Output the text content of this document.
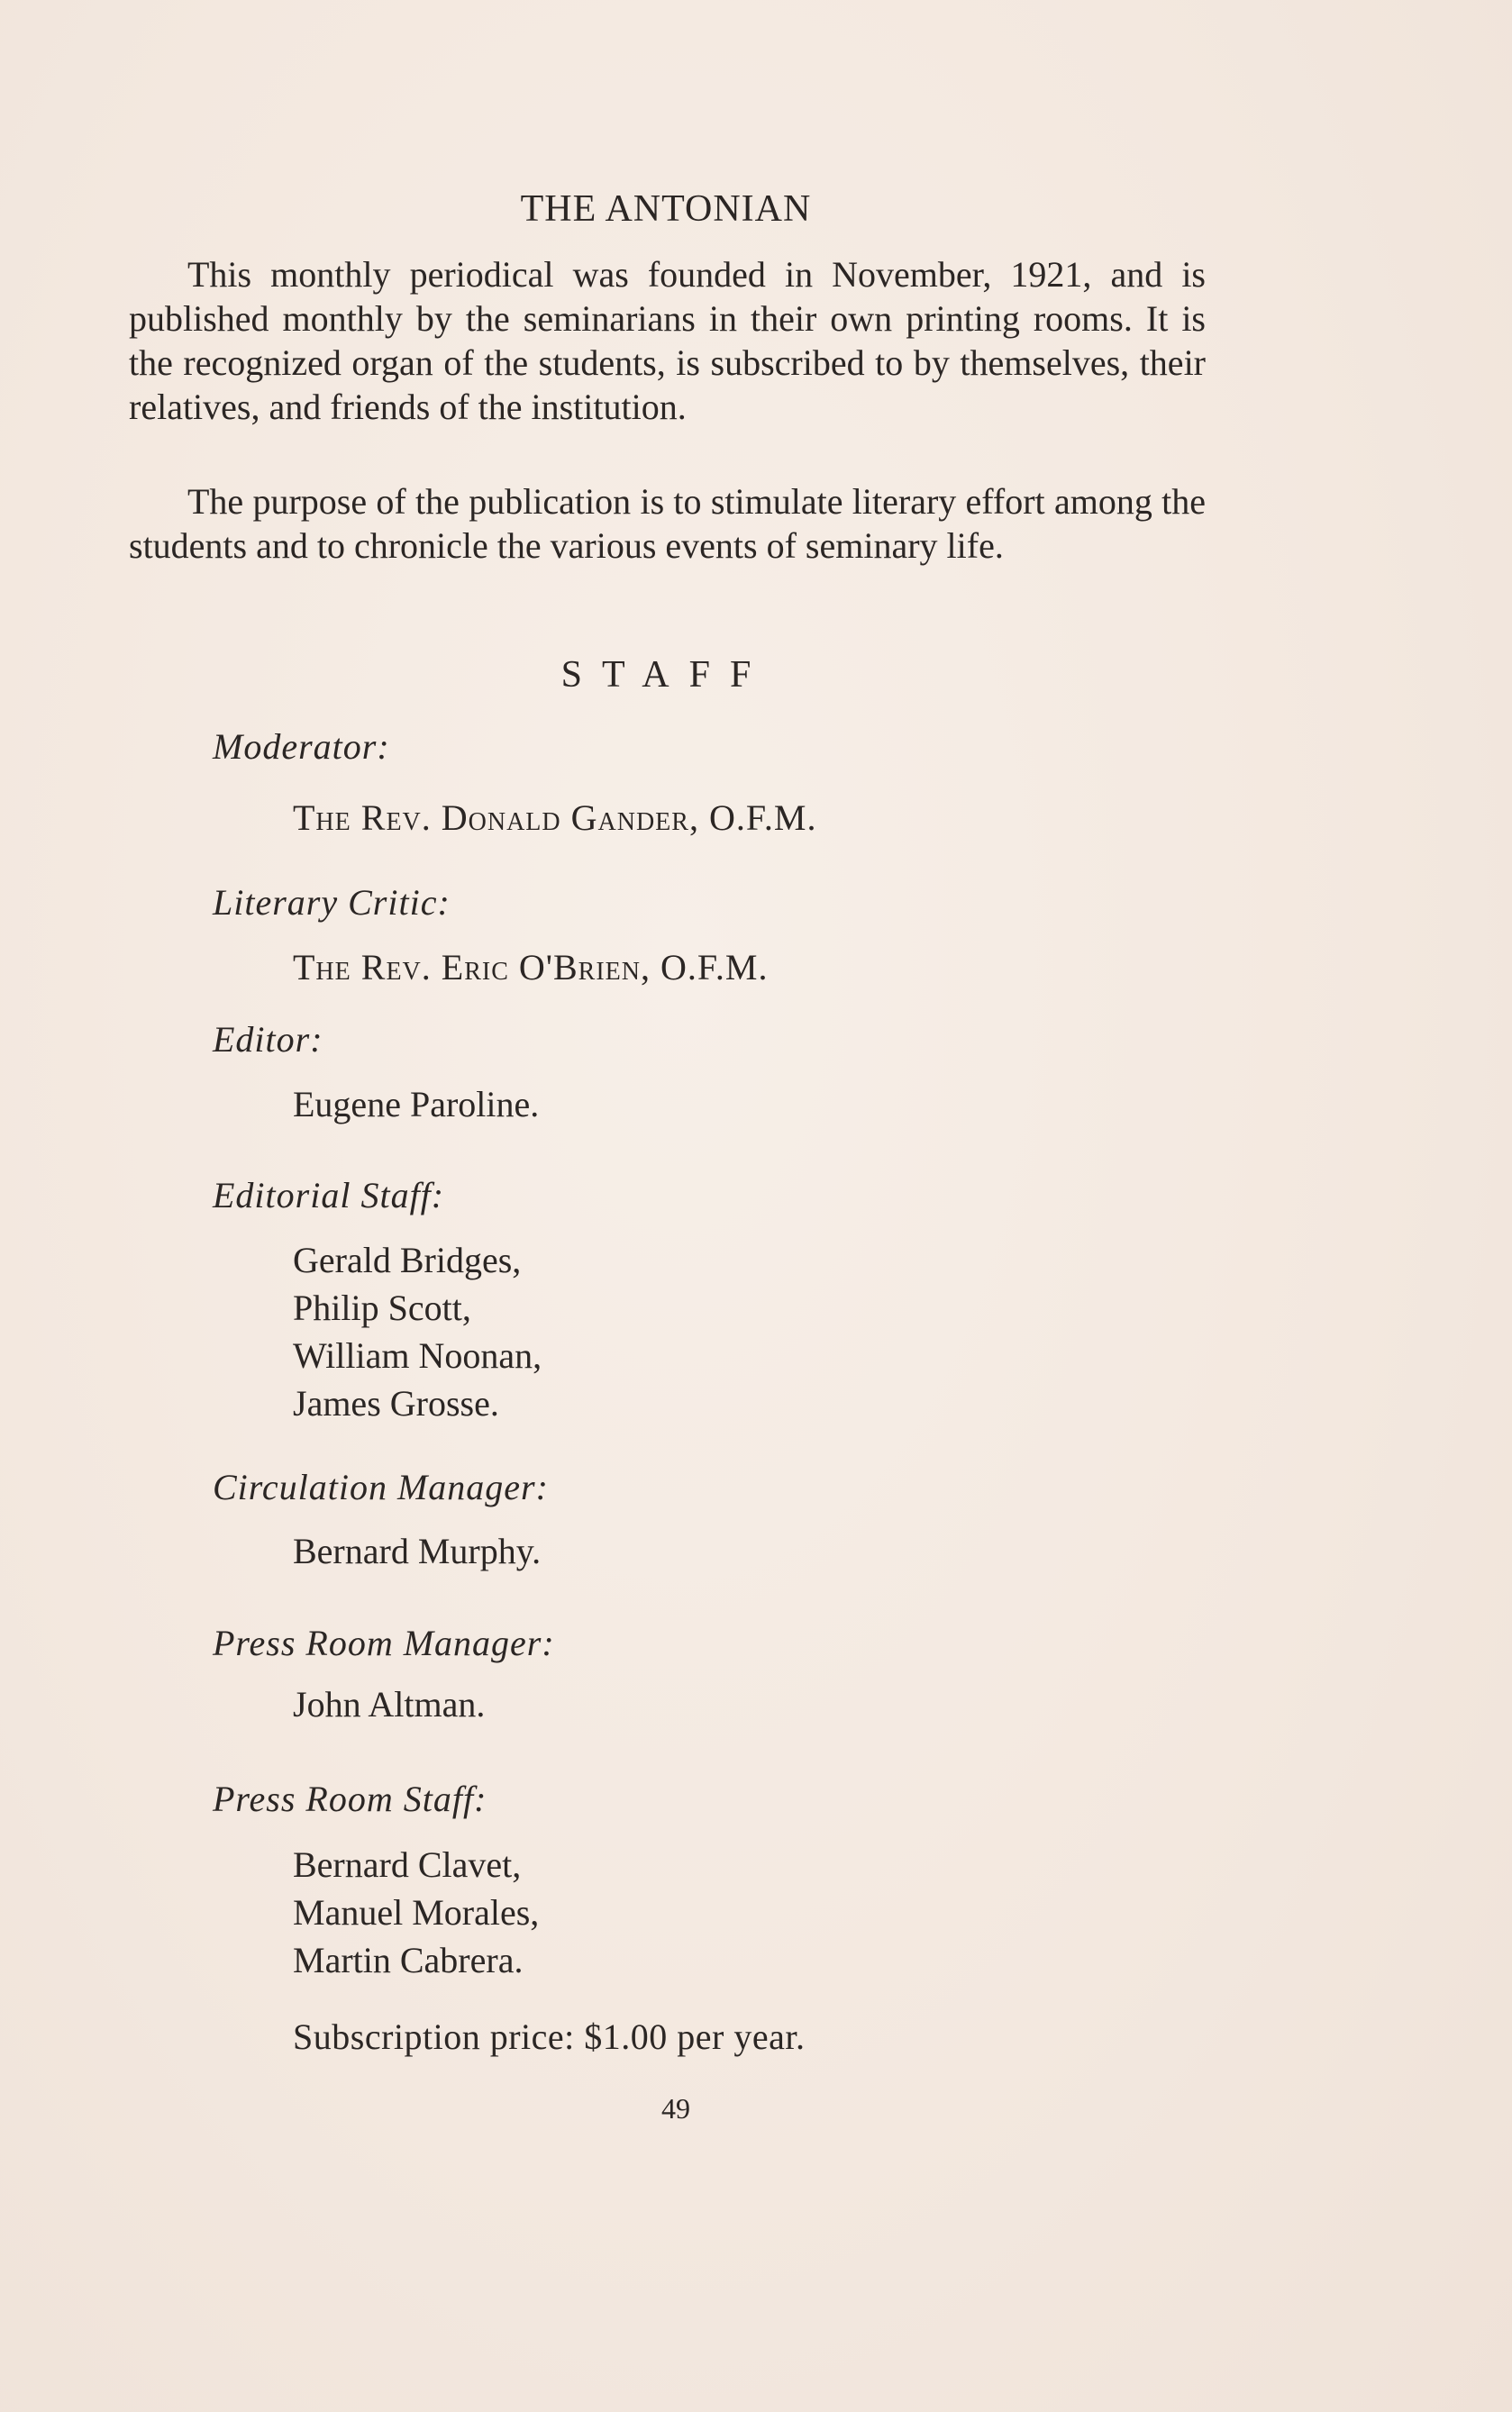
THE ANTONIAN

This monthly periodical was founded in November, 1921, and is published monthly by the seminarians in their own printing rooms. It is the recognized organ of the students, is subscribed to by themselves, their relatives, and friends of the institution.

The purpose of the publication is to stimulate literary effort among the students and to chronicle the various events of seminary life.

STAFF
Moderator:
The Rev. Donald Gander, O.F.M.
Literary Critic:
The Rev. Eric O'Brien, O.F.M.
Editor:
Eugene Paroline.
Editorial Staff:
Gerald Bridges,
Philip Scott,
William Noonan,
James Grosse.
Circulation Manager:
Bernard Murphy.
Press Room Manager:
John Altman.
Press Room Staff:
Bernard Clavet,
Manuel Morales,
Martin Cabrera.
Subscription price: $1.00 per year.
49
